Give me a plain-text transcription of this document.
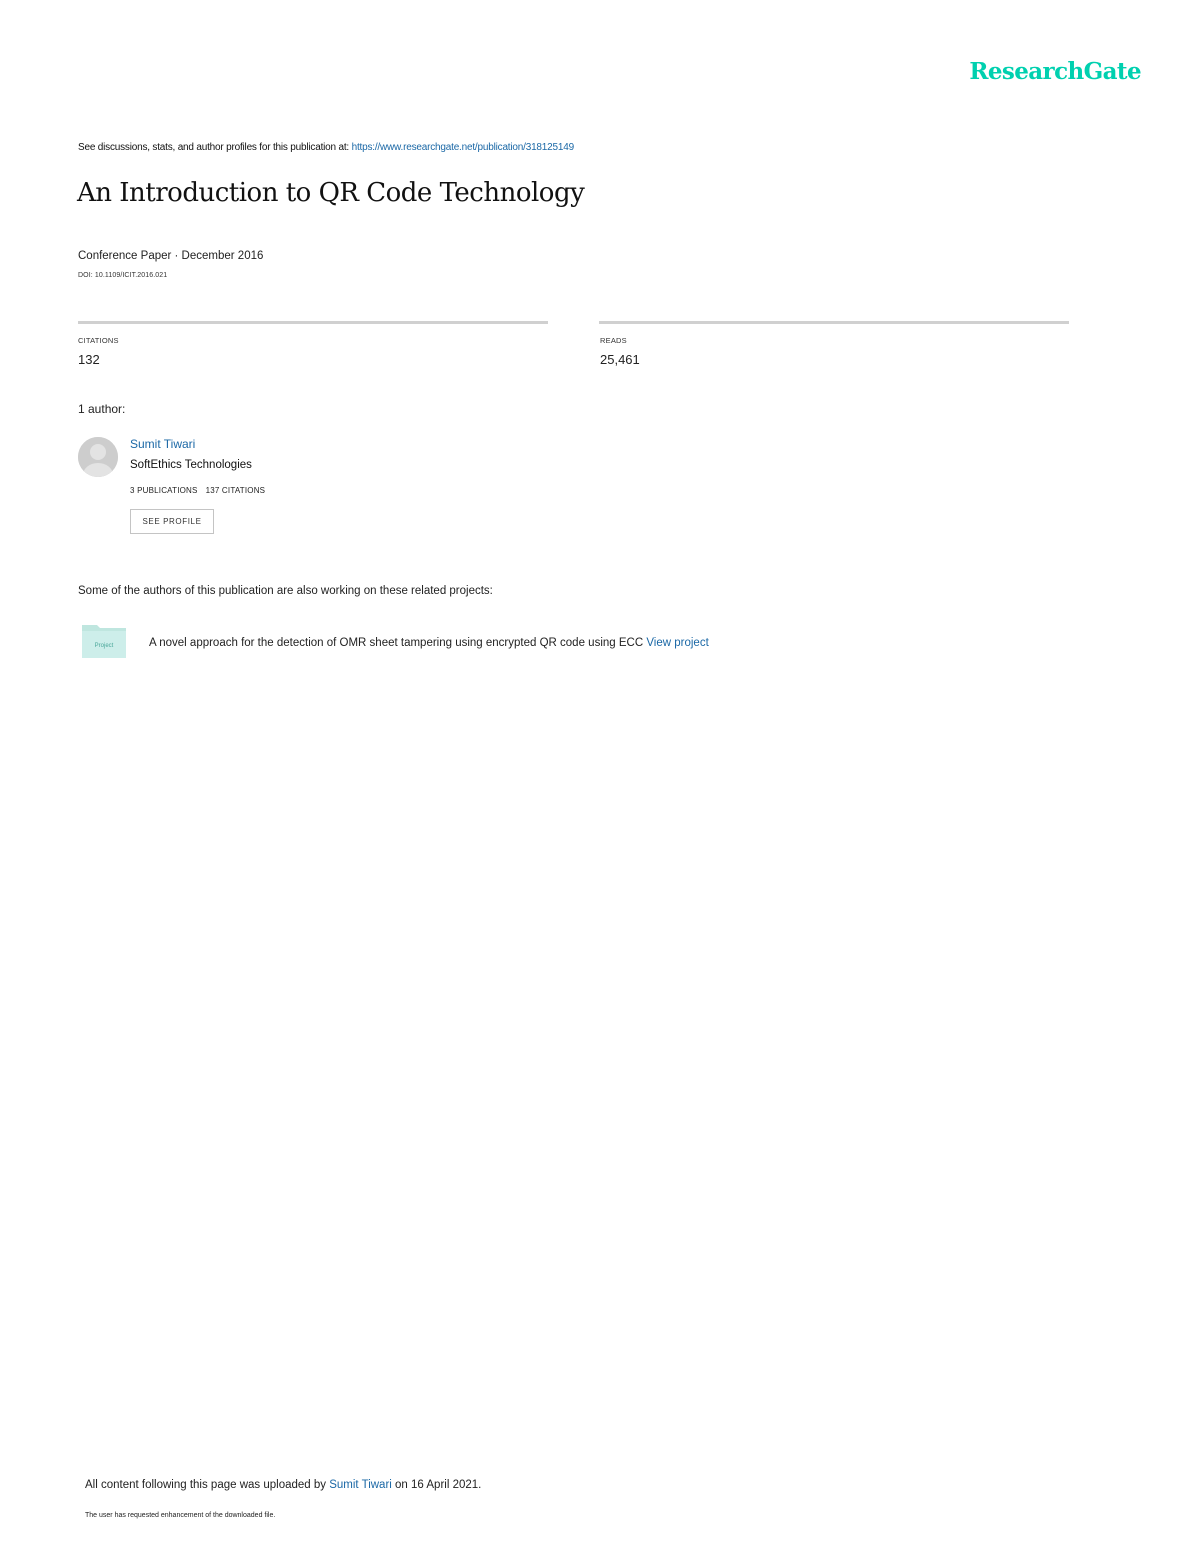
ResearchGate
See discussions, stats, and author profiles for this publication at: https://www.researchgate.net/publication/318125149
An Introduction to QR Code Technology
Conference Paper · December 2016
DOI: 10.1109/ICIT.2016.021
CITATIONS
132
READS
25,461
1 author:
Sumit Tiwari
SoftEthics Technologies
3 PUBLICATIONS 137 CITATIONS
SEE PROFILE
Some of the authors of this publication are also working on these related projects:
Project	A novel approach for the detection of OMR sheet tampering using encrypted QR code using ECC View project
All content following this page was uploaded by Sumit Tiwari on 16 April 2021.
The user has requested enhancement of the downloaded file.
